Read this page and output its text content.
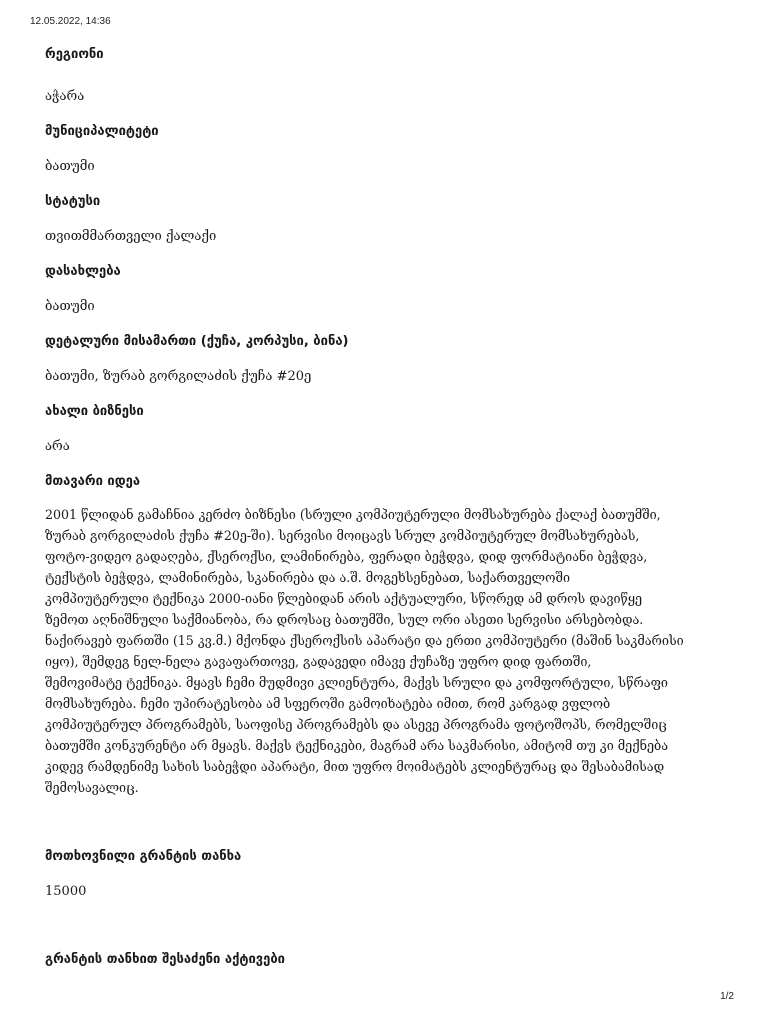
12.05.2022, 14:36

რეგიონი

აჭარა

მუნიციპალიტეტი

ბათუმი

სტატუსი

თვითმმართველი ქალაქი

დასახლება

ბათუმი

დეტალური მისამართი (ქუჩა, კორპუსი, ბინა)

ბათუმი, ზურაბ გორგილაძის ქუჩა #20ე

ახალი ბიზნესი

არა

მთავარი იდეა

2001 წლიდან გამაჩნია კერძო ბიზნესი (სრული კომპიუტერული მომსახურება ქალაქ ბათუმში,
ზურაბ გორგილაძის ქუჩა #20ე-ში). სერვისი მოიცავს სრულ კომპიუტერულ მომსახურებას,
ფოტო-ვიდეო გადაღება, ქსეროქსი, ლამინირება, ფერადი ბეჭდვა, დიდ ფორმატიანი ბეჭდვა,
ტექსტის ბეჭდვა, ლამინირება, სკანირება და ა.შ. მოგეხსენებათ, საქართველოში
კომპიუტერული ტექნიკა 2000-იანი წლებიდან არის აქტუალური, სწორედ ამ დროს დავიწყე
ზემოთ აღნიშნული საქმიანობა, რა დროსაც ბათუმში, სულ ორი ასეთი სერვისი არსებობდა.
ნაქირავებ ფართში (15 კვ.მ.) მქონდა ქსეროქსის აპარატი და ერთი კომპიუტერი (მაშინ საკმარისი
იყო), შემდეგ ნელ-ნელა გავაფართოვე, გადავედი იმავე ქუჩაზე უფრო დიდ ფართში,
შემოვიმატე ტექნიკა. მყავს ჩემი მუდმივი კლიენტურა, მაქვს სრული და კომფორტული, სწრაფი
მომსახურება. ჩემი უპირატესობა ამ სფეროში გამოიხატება იმით, რომ კარგად ვფლობ
კომპიუტერულ პროგრამებს, საოფისე პროგრამებს და ასევე პროგრამა ფოტოშოპს, რომელშიც
ბათუმში კონკურენტი არ მყავს. მაქვს ტექნიკები, მაგრამ არა საკმარისი, ამიტომ თუ კი მექნება
კიდევ რამდენიმე სახის საბეჭდი აპარატი, მით უფრო მოიმატებს კლიენტურაც და შესაბამისად
შემოსავალიც.

მოთხოვნილი გრანტის თანხა

15000

გრანტის თანხით შესაძენი აქტივები

1/2
